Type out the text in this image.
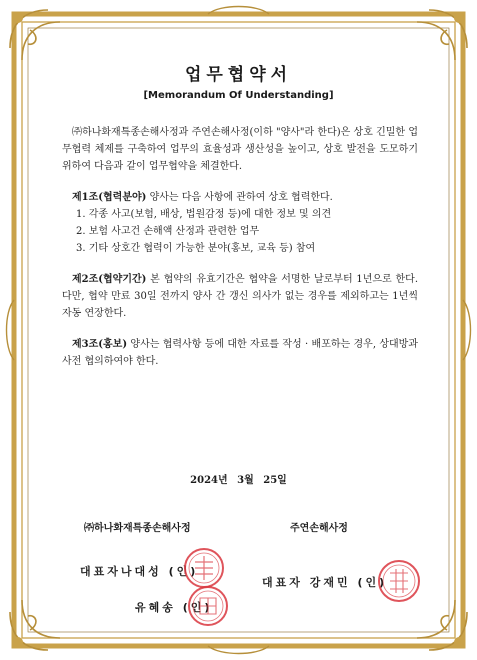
업무협약서
[Memorandum Of Understanding]
㈜하나화재특종손해사정과 주연손해사정(이하 "양사"라 한다)은 상호 긴밀한 업무협력 체제를 구축하여 업무의 효율성과 생산성을 높이고, 상호 발전을 도모하기 위하여 다음과 같이 업무협약을 체결한다.
제1조(협력분야) 양사는 다음 사항에 관하여 상호 협력한다.
1. 각종 사고(보험, 배상, 법원감정 등)에 대한 정보 및 의견
2. 보험 사고건 손해액 산정과 관련한 업무
3. 기타 상호간 협력이 가능한 분야(홍보, 교육 등) 참여
제2조(협약기간) 본 협약의 유효기간은 협약을 서명한 날로부터 1년으로 한다. 다만, 협약 만료 30일 전까지 양사 간 갱신 의사가 없는 경우를 제외하고는 1년씩 자동 연장한다.
제3조(홍보) 양사는 협력사항 등에 대한 자료를 작성 · 배포하는 경우, 상대방과 사전 협의하여야 한다.
2024년 3월 25일
㈜하나화재특종손해사정	주연손해사정
대표자나대성 (인)
유혜송 (인)
대표자 강재민 (인)
